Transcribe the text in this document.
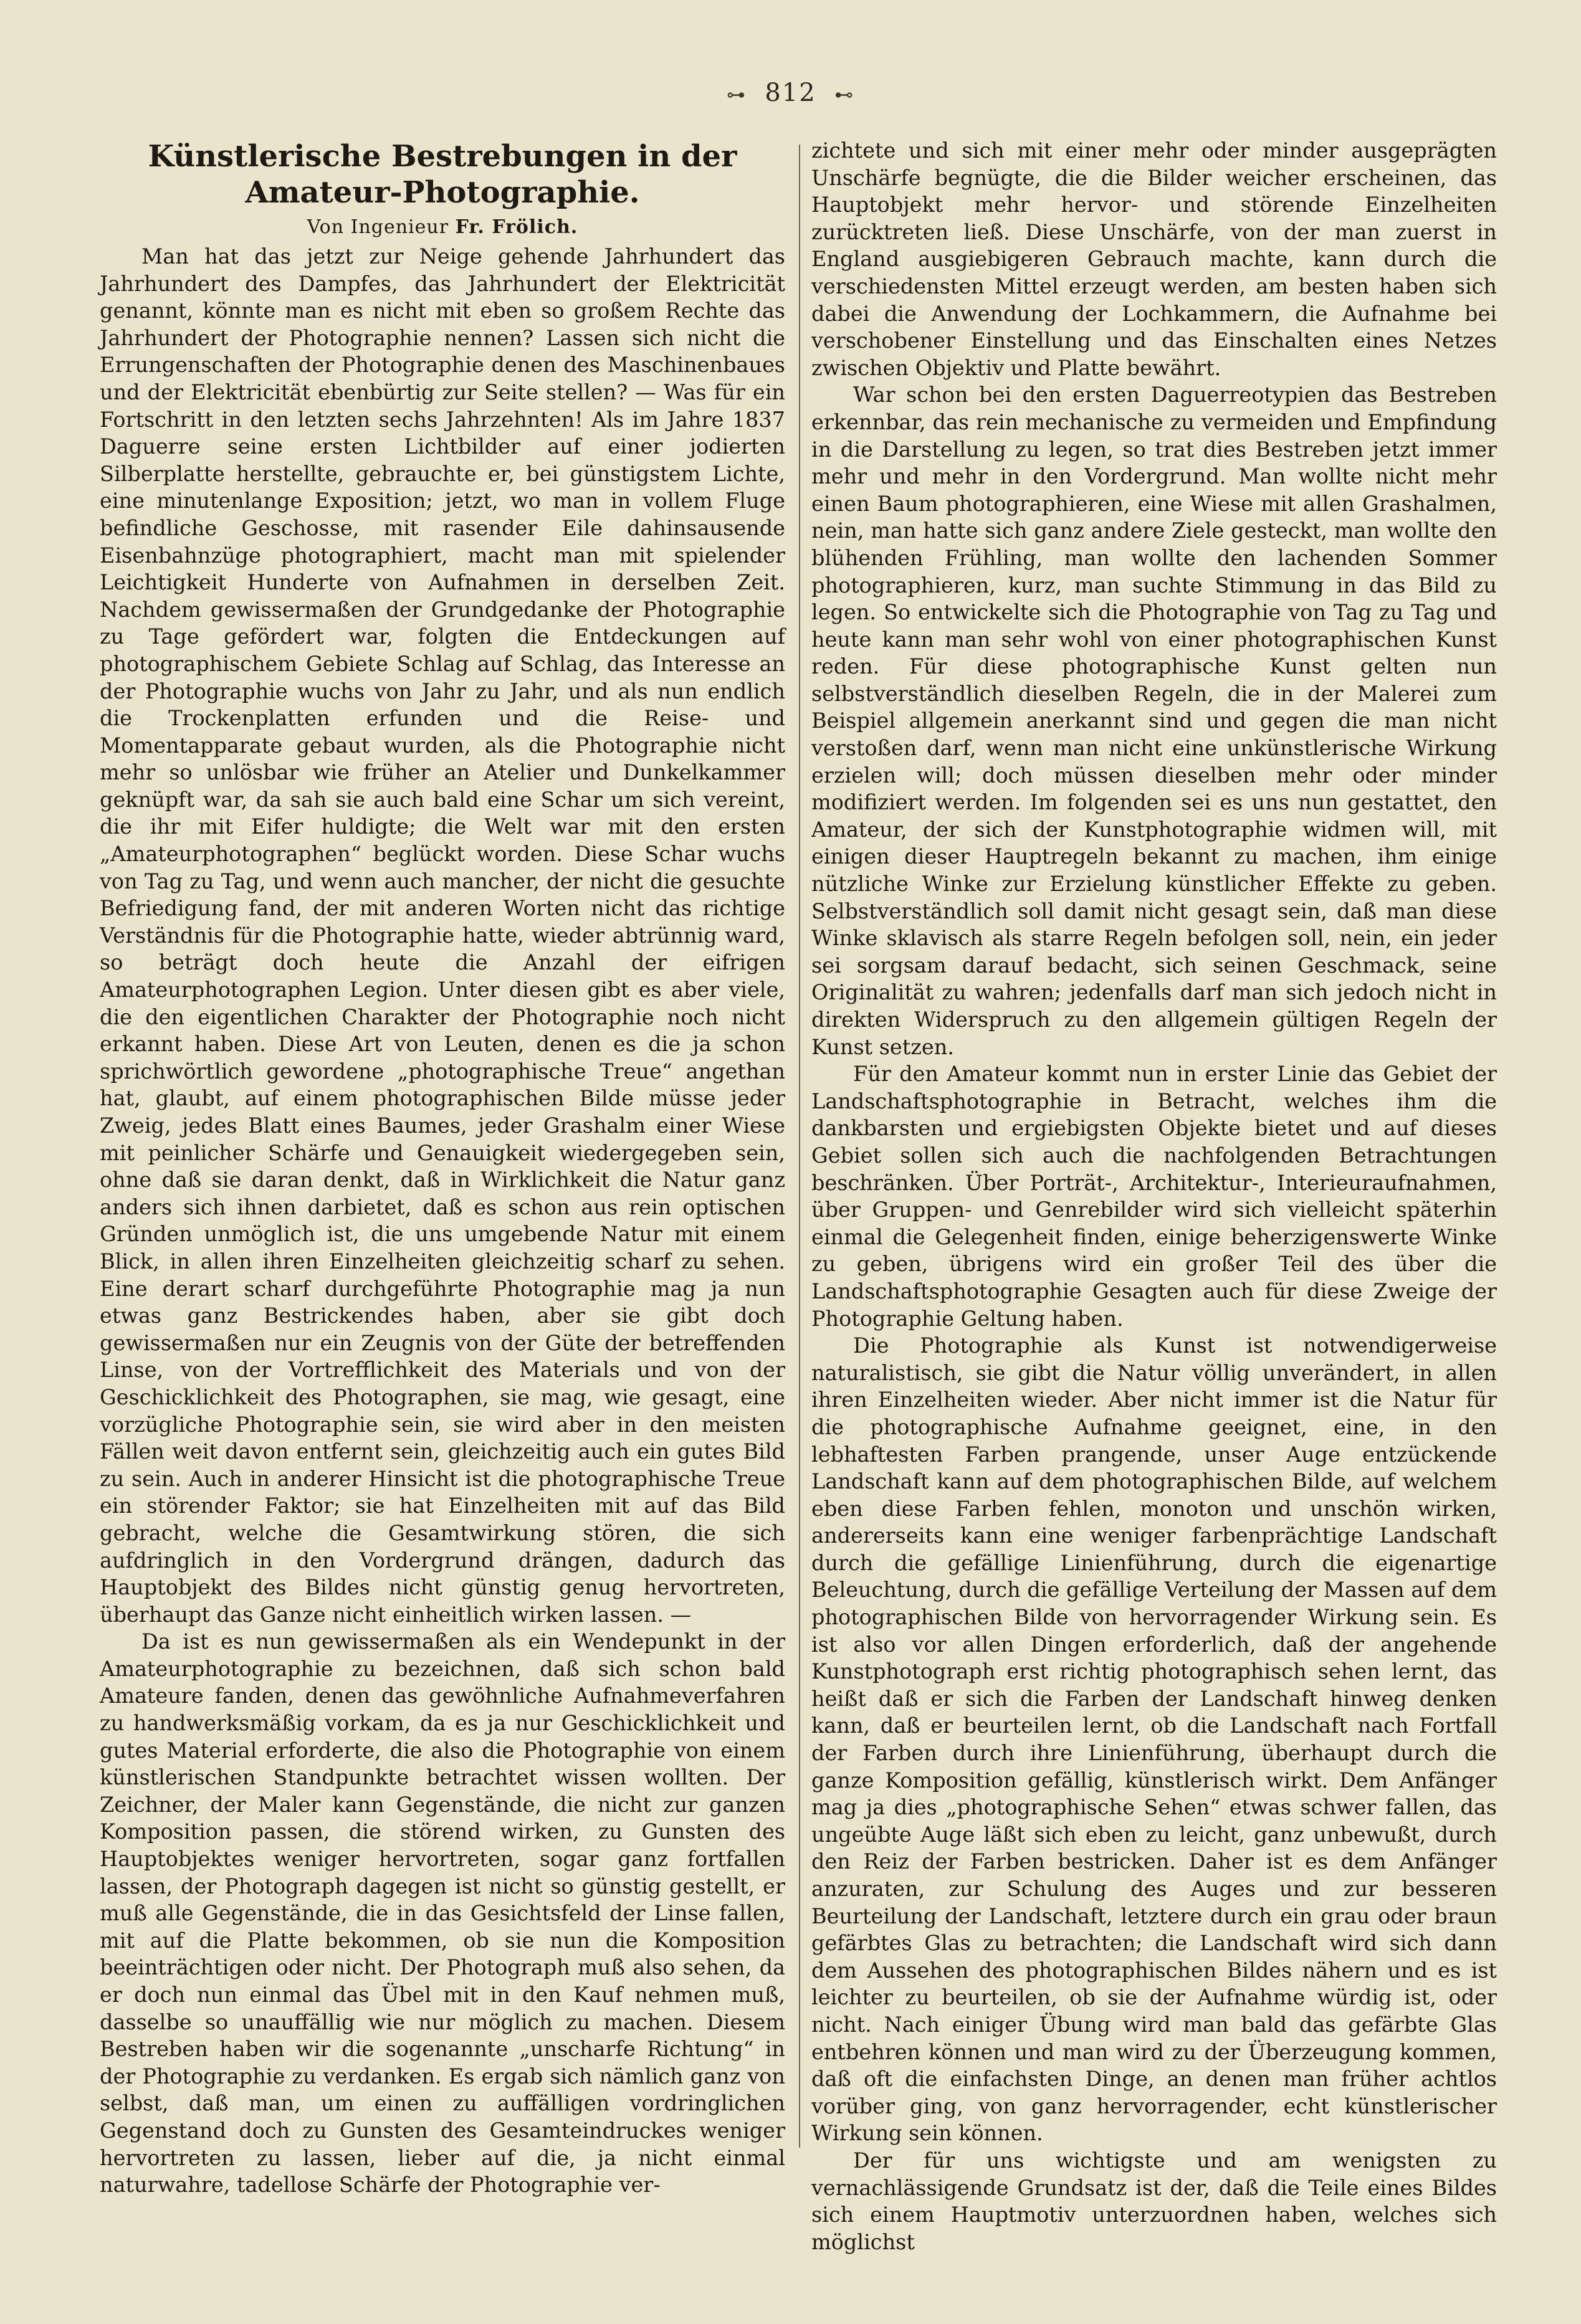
⊶ 812 ⊷
Künstlerische Bestrebungen in der Amateur-Photographie.
Von Ingenieur Fr. Frölich.

Man hat das jetzt zur Neige gehende Jahrhundert das Jahrhundert des Dampfes, das Jahrhundert der Elektricität genannt, könnte man es nicht mit eben so großem Rechte das Jahrhundert der Photographie nennen? Lassen sich nicht die Errungenschaften der Photographie denen des Maschinenbaues und der Elektricität ebenbürtig zur Seite stellen? — Was für ein Fortschritt in den letzten sechs Jahrzehnten! Als im Jahre 1837 Daguerre seine ersten Lichtbilder auf einer jodierten Silberplatte herstellte, gebrauchte er, bei günstigstem Lichte, eine minutenlange Exposition; jetzt, wo man in vollem Fluge befindliche Geschosse, mit rasender Eile dahinsausende Eisenbahnzüge photographiert, macht man mit spielender Leichtigkeit Hunderte von Aufnahmen in derselben Zeit. Nachdem gewissermaßen der Grundgedanke der Photographie zu Tage gefördert war, folgten die Entdeckungen auf photographischem Gebiete Schlag auf Schlag, das Interesse an der Photographie wuchs von Jahr zu Jahr, und als nun endlich die Trockenplatten erfunden und die Reise- und Momentapparate gebaut wurden, als die Photographie nicht mehr so unlösbar wie früher an Atelier und Dunkelkammer geknüpft war, da sah sie auch bald eine Schar um sich vereint, die ihr mit Eifer huldigte; die Welt war mit den ersten „Amateurphotographen“ beglückt worden. Diese Schar wuchs von Tag zu Tag, und wenn auch mancher, der nicht die gesuchte Befriedigung fand, der mit anderen Worten nicht das richtige Verständnis für die Photographie hatte, wieder abtrünnig ward, so beträgt doch heute die Anzahl der eifrigen Amateurphotographen Legion. Unter diesen gibt es aber viele, die den eigentlichen Charakter der Photographie noch nicht erkannt haben. Diese Art von Leuten, denen es die ja schon sprichwörtlich gewordene „photographische Treue“ angethan hat, glaubt, auf einem photographischen Bilde müsse jeder Zweig, jedes Blatt eines Baumes, jeder Grashalm einer Wiese mit peinlicher Schärfe und Genauigkeit wiedergegeben sein, ohne daß sie daran denkt, daß in Wirklichkeit die Natur ganz anders sich ihnen darbietet, daß es schon aus rein optischen Gründen unmöglich ist, die uns umgebende Natur mit einem Blick, in allen ihren Einzelheiten gleichzeitig scharf zu sehen. Eine derart scharf durchgeführte Photographie mag ja nun etwas ganz Bestrickendes haben, aber sie gibt doch gewissermaßen nur ein Zeugnis von der Güte der betreffenden Linse, von der Vortrefflichkeit des Materials und von der Geschicklichkeit des Photographen, sie mag, wie gesagt, eine vorzügliche Photographie sein, sie wird aber in den meisten Fällen weit davon entfernt sein, gleichzeitig auch ein gutes Bild zu sein. Auch in anderer Hinsicht ist die photographische Treue ein störender Faktor; sie hat Einzelheiten mit auf das Bild gebracht, welche die Gesamtwirkung stören, die sich aufdringlich in den Vordergrund drängen, dadurch das Hauptobjekt des Bildes nicht günstig genug hervortreten, überhaupt das Ganze nicht einheitlich wirken lassen. —

Da ist es nun gewissermaßen als ein Wendepunkt in der Amateurphotographie zu bezeichnen, daß sich schon bald Amateure fanden, denen das gewöhnliche Aufnahmeverfahren zu handwerksmäßig vorkam, da es ja nur Geschicklichkeit und gutes Material erforderte, die also die Photographie von einem künstlerischen Standpunkte betrachtet wissen wollten. Der Zeichner, der Maler kann Gegenstände, die nicht zur ganzen Komposition passen, die störend wirken, zu Gunsten des Hauptobjektes weniger hervortreten, sogar ganz fortfallen lassen, der Photograph dagegen ist nicht so günstig gestellt, er muß alle Gegenstände, die in das Gesichtsfeld der Linse fallen, mit auf die Platte bekommen, ob sie nun die Komposition beeinträchtigen oder nicht. Der Photograph muß also sehen, da er doch nun einmal das Übel mit in den Kauf nehmen muß, dasselbe so unauffällig wie nur möglich zu machen. Diesem Bestreben haben wir die sogenannte „unscharfe Richtung“ in der Photographie zu verdanken. Es ergab sich nämlich ganz von selbst, daß man, um einen zu auffälligen vordringlichen Gegenstand doch zu Gunsten des Gesamteindruckes weniger hervortreten zu lassen, lieber auf die, ja nicht einmal naturwahre, tadellose Schärfe der Photographie ver-

zichtete und sich mit einer mehr oder minder ausgeprägten Unschärfe begnügte, die die Bilder weicher erscheinen, das Hauptobjekt mehr hervor- und störende Einzelheiten zurücktreten ließ. Diese Unschärfe, von der man zuerst in England ausgiebigeren Gebrauch machte, kann durch die verschiedensten Mittel erzeugt werden, am besten haben sich dabei die Anwendung der Lochkammern, die Aufnahme bei verschobener Einstellung und das Einschalten eines Netzes zwischen Objektiv und Platte bewährt.

War schon bei den ersten Daguerreotypien das Bestreben erkennbar, das rein mechanische zu vermeiden und Empfindung in die Darstellung zu legen, so trat dies Bestreben jetzt immer mehr und mehr in den Vordergrund. Man wollte nicht mehr einen Baum photographieren, eine Wiese mit allen Grashalmen, nein, man hatte sich ganz andere Ziele gesteckt, man wollte den blühenden Frühling, man wollte den lachenden Sommer photographieren, kurz, man suchte Stimmung in das Bild zu legen. So entwickelte sich die Photographie von Tag zu Tag und heute kann man sehr wohl von einer photographischen Kunst reden. Für diese photographische Kunst gelten nun selbstverständlich dieselben Regeln, die in der Malerei zum Beispiel allgemein anerkannt sind und gegen die man nicht verstoßen darf, wenn man nicht eine unkünstlerische Wirkung erzielen will; doch müssen dieselben mehr oder minder modifiziert werden. Im folgenden sei es uns nun gestattet, den Amateur, der sich der Kunstphotographie widmen will, mit einigen dieser Hauptregeln bekannt zu machen, ihm einige nützliche Winke zur Erzielung künstlicher Effekte zu geben. Selbstverständlich soll damit nicht gesagt sein, daß man diese Winke sklavisch als starre Regeln befolgen soll, nein, ein jeder sei sorgsam darauf bedacht, sich seinen Geschmack, seine Originalität zu wahren; jedenfalls darf man sich jedoch nicht in direkten Widerspruch zu den allgemein gültigen Regeln der Kunst setzen.

Für den Amateur kommt nun in erster Linie das Gebiet der Landschaftsphotographie in Betracht, welches ihm die dankbarsten und ergiebigsten Objekte bietet und auf dieses Gebiet sollen sich auch die nachfolgenden Betrachtungen beschränken. Über Porträt-, Architektur-, Interieuraufnahmen, über Gruppen- und Genrebilder wird sich vielleicht späterhin einmal die Gelegenheit finden, einige beherzigenswerte Winke zu geben, übrigens wird ein großer Teil des über die Landschaftsphotographie Gesagten auch für diese Zweige der Photographie Geltung haben.

Die Photographie als Kunst ist notwendigerweise naturalistisch, sie gibt die Natur völlig unverändert, in allen ihren Einzelheiten wieder. Aber nicht immer ist die Natur für die photographische Aufnahme geeignet, eine, in den lebhaftesten Farben prangende, unser Auge entzückende Landschaft kann auf dem photographischen Bilde, auf welchem eben diese Farben fehlen, monoton und unschön wirken, andererseits kann eine weniger farbenprächtige Landschaft durch die gefällige Linienführung, durch die eigenartige Beleuchtung, durch die gefällige Verteilung der Massen auf dem photographischen Bilde von hervorragender Wirkung sein. Es ist also vor allen Dingen erforderlich, daß der angehende Kunstphotograph erst richtig photographisch sehen lernt, das heißt daß er sich die Farben der Landschaft hinweg denken kann, daß er beurteilen lernt, ob die Landschaft nach Fortfall der Farben durch ihre Linienführung, überhaupt durch die ganze Komposition gefällig, künstlerisch wirkt. Dem Anfänger mag ja dies „photographische Sehen“ etwas schwer fallen, das ungeübte Auge läßt sich eben zu leicht, ganz unbewußt, durch den Reiz der Farben bestricken. Daher ist es dem Anfänger anzuraten, zur Schulung des Auges und zur besseren Beurteilung der Landschaft, letztere durch ein grau oder braun gefärbtes Glas zu betrachten; die Landschaft wird sich dann dem Aussehen des photographischen Bildes nähern und es ist leichter zu beurteilen, ob sie der Aufnahme würdig ist, oder nicht. Nach einiger Übung wird man bald das gefärbte Glas entbehren können und man wird zu der Überzeugung kommen, daß oft die einfachsten Dinge, an denen man früher achtlos vorüber ging, von ganz hervorragender, echt künstlerischer Wirkung sein können.

Der für uns wichtigste und am wenigsten zu vernachlässigende Grundsatz ist der, daß die Teile eines Bildes sich einem Hauptmotiv unterzuordnen haben, welches sich möglichst
